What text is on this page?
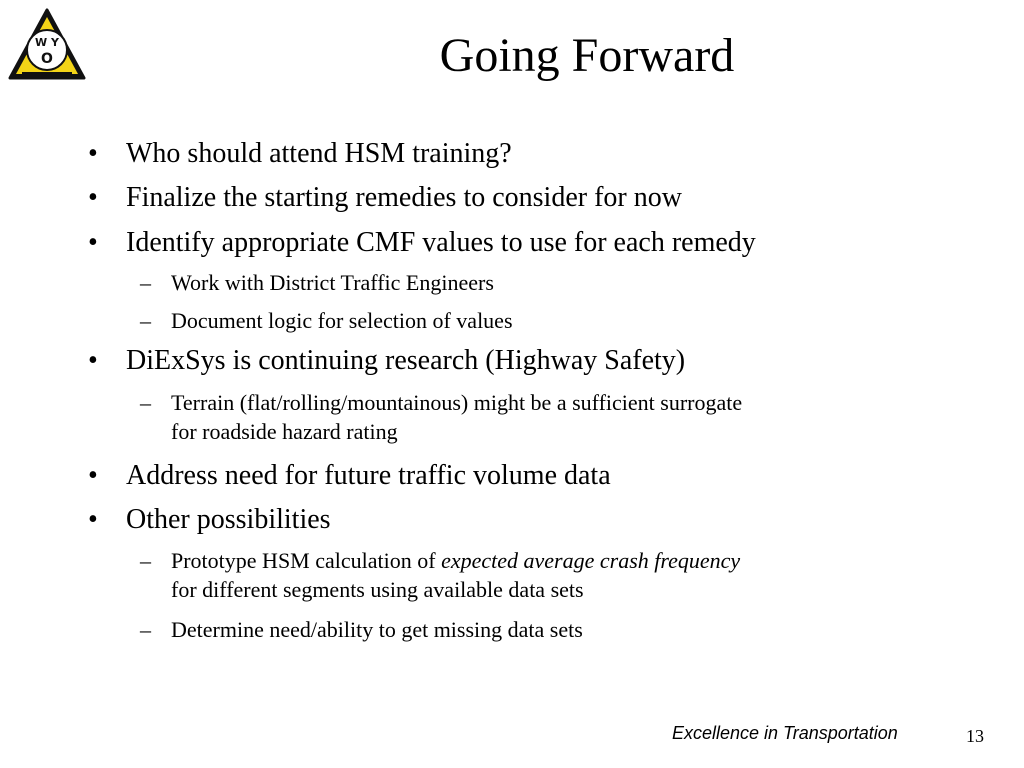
W Y
O	Going Forward
• Who should attend HSM training?
• Finalize the starting remedies to consider for now
• Identify appropriate CMF values to use for each remedy
– Work with District Traffic Engineers
– Document logic for selection of values
• DiExSys is continuing research (Highway Safety)
– Terrain (flat/rolling/mountainous) might be a sufficient surrogate
for roadside hazard rating
• Address need for future traffic volume data
• Other possibilities
– Prototype HSM calculation of expected average crash frequency
for different segments using available data sets
– Determine need/ability to get missing data sets
Excellence in Transportation	13
